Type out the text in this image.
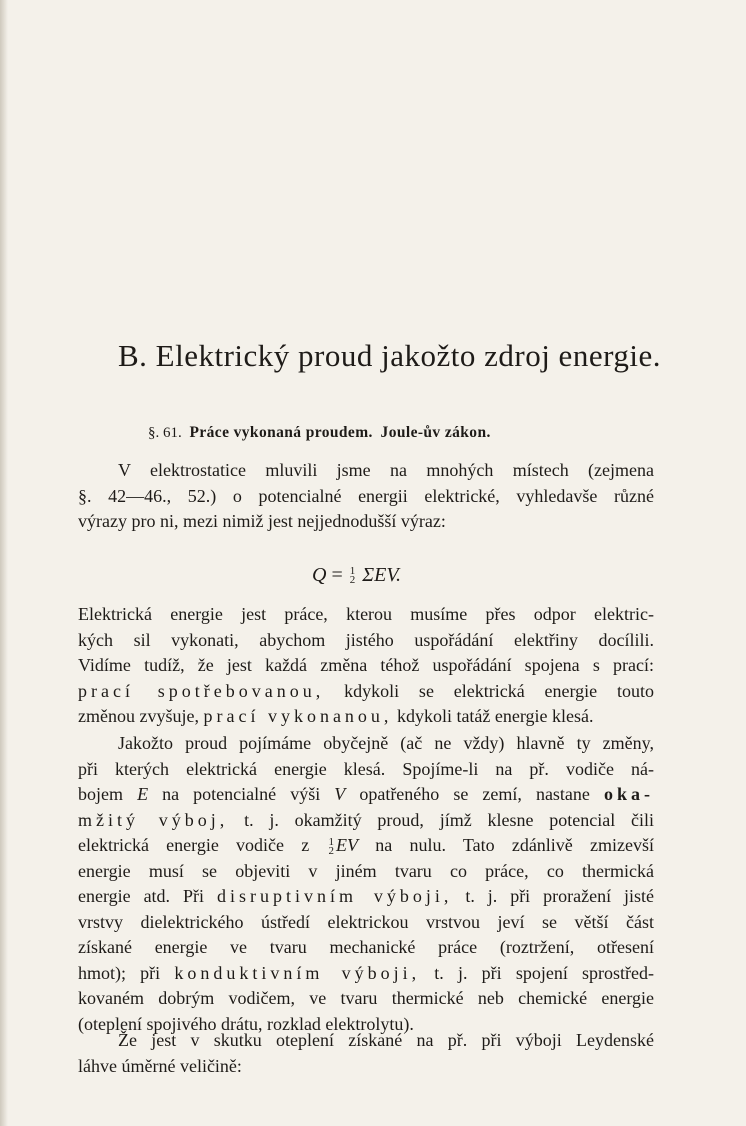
B. Elektrický proud jakožto zdroj energie.
§. 61. Práce vykonaná proudem. Joule-ův zákon.
V elektrostatice mluvili jsme na mnohých místech (zejmena
§. 42—46., 52.) o potencialné energii elektrické, vyhledavše různé
výrazy pro ni, mezi nimiž jest nejjednodušší výraz:
Q = 1
2 ΣEV.
Elektrická energie jest práce, kterou musíme přes odpor elektric-
kých sil vykonati, abychom jistého uspořádání elektřiny docílili.
Vidíme tudíž, že jest každá změna téhož uspořádání spojena s prací:
prací spotřebovanou, kdykoli se elektrická energie touto
změnou zvyšuje, prací vykonanou, kdykoli tatáž energie klesá.
Jakožto proud pojímáme obyčejně (ač ne vždy) hlavně ty změny,
při kterých elektrická energie klesá. Spojíme-li na př. vodiče ná-
bojem E na potencialné výši V opatřeného se zemí, nastane oka-
mžitý výboj, t. j. okamžitý proud, jímž klesne potencial čili
elektrická energie vodiče z 1
2 EV na nulu. Tato zdánlivě zmizevší
energie musí se objeviti v jiném tvaru co práce, co thermická
energie atd. Při disruptivním výboji, t. j. při proražení jisté
vrstvy dielektrického ústředí elektrickou vrstvou jeví se větší část
získané energie ve tvaru mechanické práce (roztržení, otřesení
hmot); při konduktivním výboji, t. j. při spojení sprostřed-
kovaném dobrým vodičem, ve tvaru thermické neb chemické energie
(oteplení spojivého drátu, rozklad elektrolytu).
Že jest v skutku oteplení získané na př. při výboji Leydenské
láhve úměrné veličině:
